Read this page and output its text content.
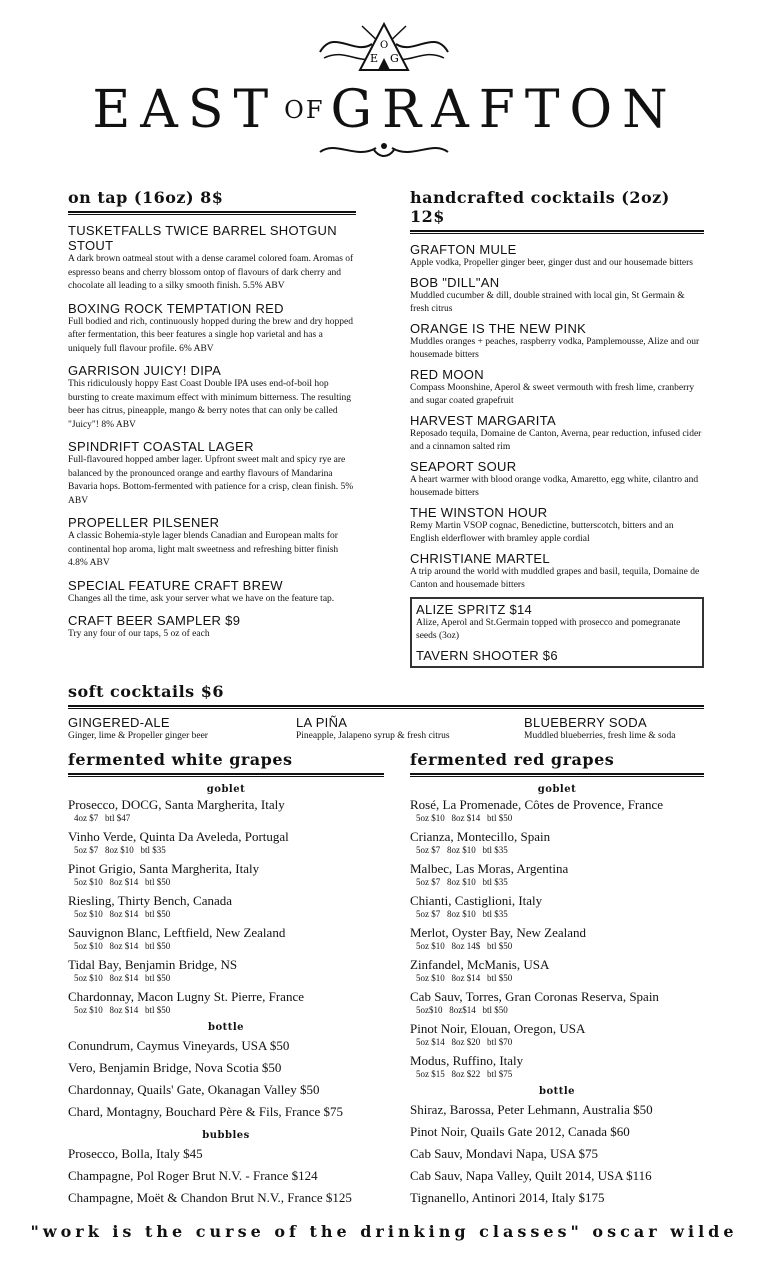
E G
O
EAST OF GRAFTON
on tap (16oz) 8$
TUSKETFALLS TWICE BARREL SHOTGUN STOUT
A dark brown oatmeal stout with a dense caramel colored foam. Aromas of espresso beans and cherry blossom ontop of flavours of dark cherry and chocolate all leading to a silky smooth finish. 5.5% ABV
BOXING ROCK TEMPTATION RED
Full bodied and rich, continuously hopped during the brew and dry hopped after fermentation, this beer features a single hop varietal and has a uniquely full flavour profile. 6% ABV
GARRISON JUICY! DIPA
This ridiculously hoppy East Coast Double IPA uses end-of-boil hop bursting to create maximum effect with minimum bitterness. The resulting beer has citrus, pineapple, mango & berry notes that can only be called "Juicy"! 8% ABV
SPINDRIFT COASTAL LAGER
Full-flavoured hopped amber lager. Upfront sweet malt and spicy rye are balanced by the pronounced orange and earthy flavours of Mandarina Bavaria hops. Bottom-fermented with patience for a crisp, clean finish. 5% ABV
PROPELLER PILSENER
A classic Bohemia-style lager blends Canadian and European malts for continental hop aroma, light malt sweetness and refreshing bitter finish 4.8% ABV
SPECIAL FEATURE CRAFT BREW
Changes all the time, ask your server what we have on the feature tap.
CRAFT BEER SAMPLER $9
Try any four of our taps, 5 oz of each
handcrafted cocktails (2oz) 12$
GRAFTON MULE
Apple vodka, Propeller ginger beer, ginger dust and our housemade bitters
BOB "DILL"AN
Muddled cucumber & dill, double strained with local gin, St Germain & fresh citrus
ORANGE IS THE NEW PINK
Muddles oranges + peaches, raspberry vodka, Pamplemousse, Alize and our housemade bitters
RED MOON
Compass Moonshine, Aperol & sweet vermouth with fresh lime, cranberry and sugar coated grapefruit
HARVEST MARGARITA
Reposado tequila, Domaine de Canton, Averna, pear reduction, infused cider and a cinnamon salted rim
SEAPORT SOUR
A heart warmer with blood orange vodka, Amaretto, egg white, cilantro and housemade bitters
THE WINSTON HOUR
Remy Martin VSOP cognac, Benedictine, butterscotch, bitters and an English elderflower with bramley apple cordial
CHRISTIANE MARTEL
A trip around the world with muddled grapes and basil, tequila, Domaine de Canton and housemade bitters
ALIZE SPRITZ $14
Alize, Aperol and St.Germain topped with prosecco and pomegranate seeds (3oz)
TAVERN SHOOTER $6
soft cocktails $6
GINGERED-ALE
Ginger, lime & Propeller ginger beer
LA PIÑA
Pineapple, Jalapeno syrup & fresh citrus
BLUEBERRY SODA
Muddled blueberries, fresh lime & soda
fermented white grapes
goblet
Prosecco, DOCG, Santa Margherita, Italy
4oz $7   btl $47
Vinho Verde, Quinta Da Aveleda, Portugal
5oz $7   8oz $10   btl $35
Pinot Grigio, Santa Margherita, Italy
5oz $10   8oz $14   btl $50
Riesling, Thirty Bench, Canada
5oz $10   8oz $14   btl $50
Sauvignon Blanc, Leftfield, New Zealand
5oz $10   8oz $14   btl $50
Tidal Bay, Benjamin Bridge, NS
5oz $10   8oz $14   btl $50
Chardonnay, Macon Lugny St. Pierre, France
5oz $10   8oz $14   btl $50
bottle
Conundrum, Caymus Vineyards, USA $50
Vero, Benjamin Bridge, Nova Scotia $50
Chardonnay, Quails' Gate, Okanagan Valley $50
Chard, Montagny, Bouchard Père & Fils, France $75
bubbles
Prosecco, Bolla, Italy $45
Champagne, Pol Roger Brut N.V. - France $124
Champagne, Moët & Chandon Brut N.V., France $125
fermented red grapes
goblet
Rosé, La Promenade, Côtes de Provence, France
5oz $10   8oz $14   btl $50
Crianza, Montecillo, Spain
5oz $7   8oz $10   btl $35
Malbec, Las Moras, Argentina
5oz $7   8oz $10   btl $35
Chianti, Castiglioni, Italy
5oz $7   8oz $10   btl $35
Merlot, Oyster Bay, New Zealand
5oz $10   8oz 14$   btl $50
Zinfandel, McManis, USA
5oz $10   8oz $14   btl $50
Cab Sauv, Torres, Gran Coronas Reserva, Spain
5oz$10   8oz$14   btl $50
Pinot Noir, Elouan, Oregon, USA
5oz $14   8oz $20   btl $70
Modus, Ruffino, Italy
5oz $15   8oz $22   btl $75
bottle
Shiraz, Barossa, Peter Lehmann, Australia $50
Pinot Noir, Quails Gate 2012, Canada $60
Cab Sauv, Mondavi Napa, USA $75
Cab Sauv, Napa Valley, Quilt 2014, USA $116
Tignanello, Antinori 2014, Italy $175
"work is the curse of the drinking classes" oscar wilde
